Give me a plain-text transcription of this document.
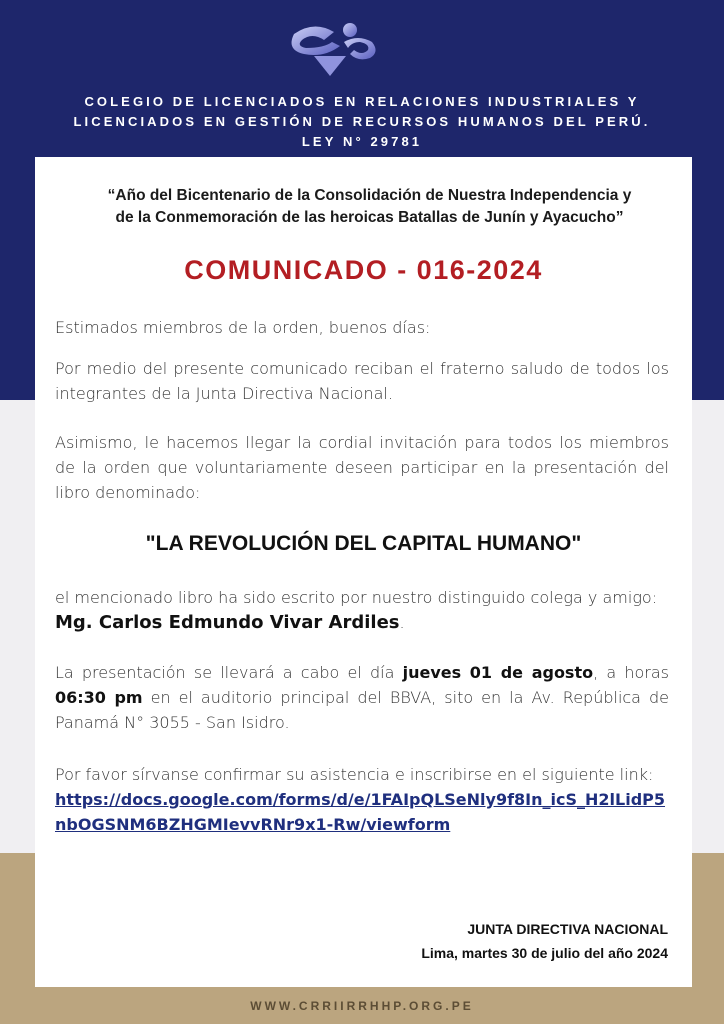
COLEGIO DE LICENCIADOS EN RELACIONES INDUSTRIALES Y
LICENCIADOS EN GESTIÓN DE RECURSOS HUMANOS DEL PERÚ.
LEY N° 29781
“Año del Bicentenario de la Consolidación de Nuestra Independencia y
de la Conmemoración de las heroicas Batallas de Junín y Ayacucho”
COMUNICADO - 016-2024
Estimados miembros de la orden, buenos días:
Por medio del presente comunicado reciban el fraterno saludo de todos los integrantes de la Junta Directiva Nacional.
Asimismo, le hacemos llegar la cordial invitación para todos los miembros de la orden que voluntariamente deseen participar en la presentación del libro denominado:
"LA REVOLUCIÓN DEL CAPITAL HUMANO"
el mencionado libro ha sido escrito por nuestro distinguido colega y amigo:
Mg. Carlos Edmundo Vivar Ardiles.
La presentación se llevará a cabo el día jueves 01 de agosto, a horas 06:30 pm en el auditorio principal del BBVA, sito en la Av. República de Panamá N° 3055 - San Isidro.
Por favor sírvanse confirmar su asistencia e inscribirse en el siguiente link:

https://docs.google.com/forms/d/e/1FAIpQLSeNly9f8In_icS_H2lLidP5nbOGSNM6BZHGMIevvRNr9x1-Rw/viewform
JUNTA DIRECTIVA NACIONAL
Lima, martes 30 de julio del año 2024
WWW.CRRIIRRHHP.ORG.PE
